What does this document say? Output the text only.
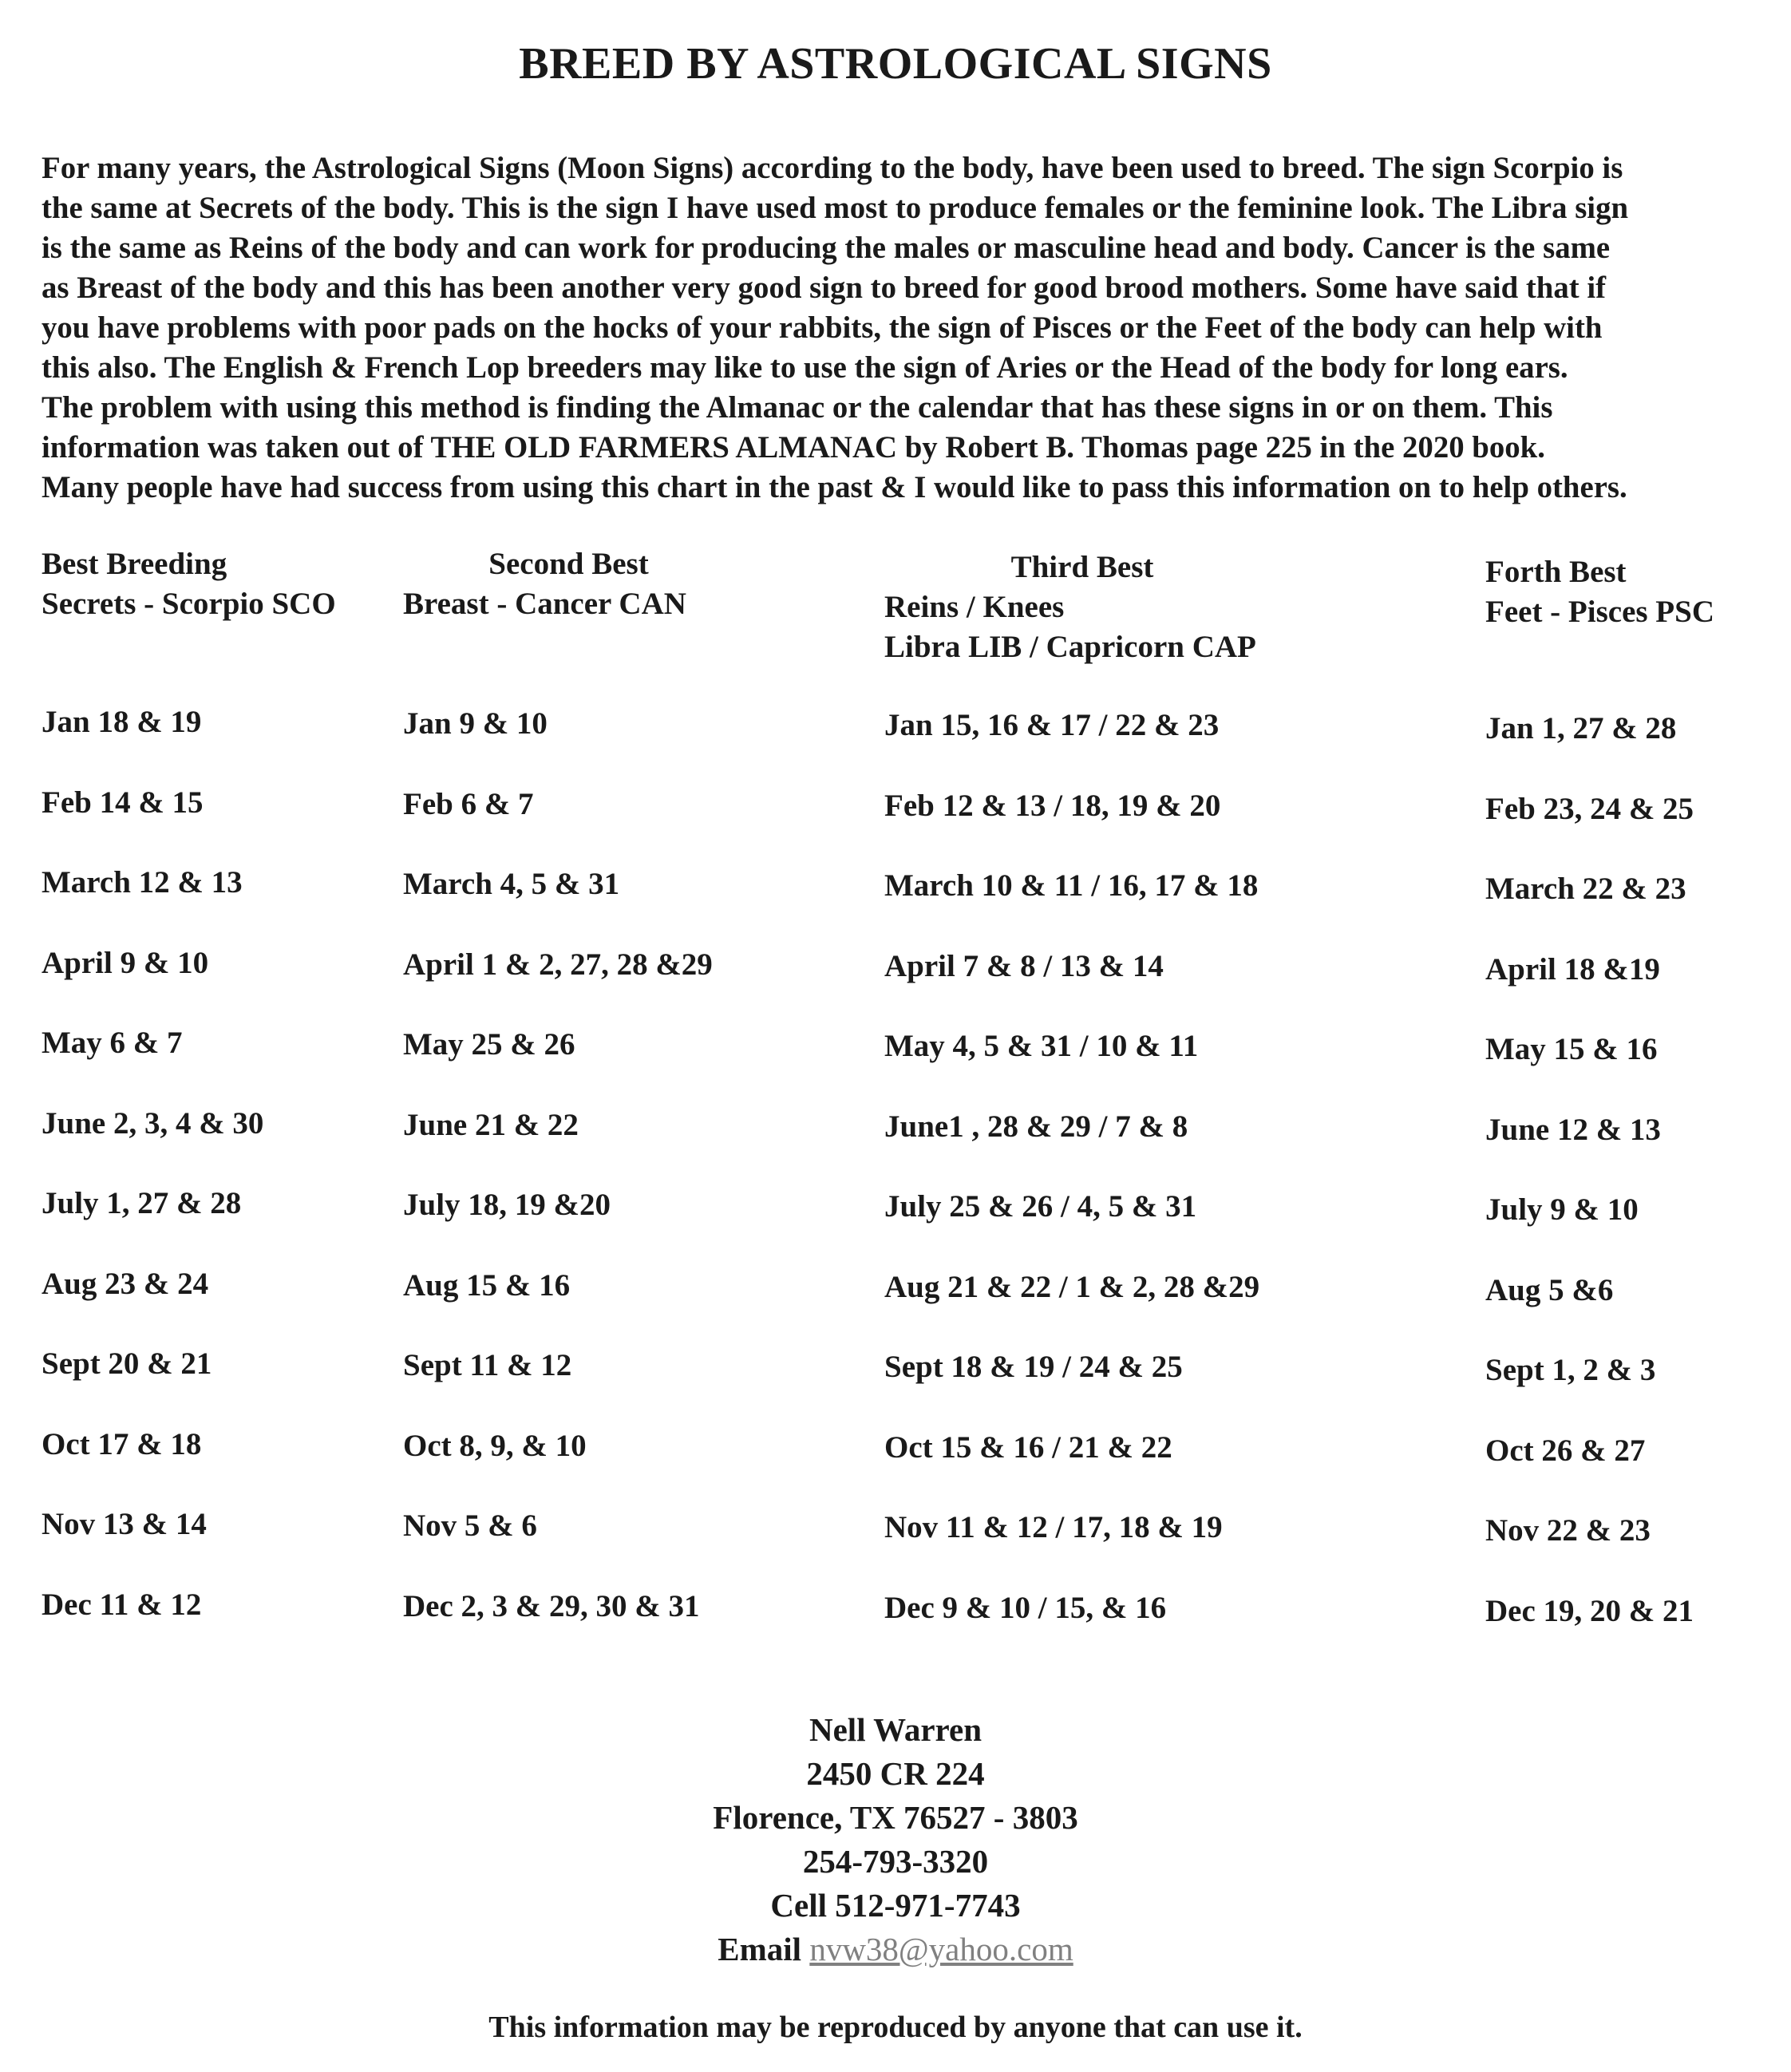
BREED BY ASTROLOGICAL SIGNS
For many years, the Astrological Signs (Moon Signs) according to the body, have been used to breed. The sign Scorpio is
the same at Secrets of the body. This is the sign I have used most to produce females or the feminine look. The Libra sign
is the same as Reins of the body and can work for producing the males or masculine head and body. Cancer is the same
as Breast of the body and this has been another very good sign to breed for good brood mothers. Some have said that if
you have problems with poor pads on the hocks of your rabbits, the sign of Pisces or the Feet of the body can help with
this also. The English & French Lop breeders may like to use the sign of Aries or the Head of the body for long ears.
The problem with using this method is finding the Almanac or the calendar that has these signs in or on them. This
information was taken out of THE OLD FARMERS ALMANAC by Robert B. Thomas page 225 in the 2020 book.
Many people have had success from using this chart in the past & I would like to pass this information on to help others.
Best Breeding
Secrets - Scorpio SCO
Jan 18 & 19
Feb 14 & 15
March 12 & 13
April 9 & 10
May 6 & 7
June 2, 3, 4 & 30
July 1, 27 & 28
Aug 23 & 24
Sept 20 & 21
Oct 17 & 18
Nov 13 & 14
Dec 11 & 12
Second Best
Breast - Cancer CAN
Jan 9 & 10
Feb 6 & 7
March 4, 5 & 31
April 1 & 2, 27, 28 &29
May 25 & 26
June 21 & 22
July 18, 19 &20
Aug 15 & 16
Sept 11 & 12
Oct 8, 9, & 10
Nov 5 & 6
Dec 2, 3 & 29, 30 & 31
Third Best
Reins / Knees
Libra LIB / Capricorn CAP
Jan 15, 16 & 17 / 22 & 23
Feb 12 & 13 / 18, 19 & 20
March 10 & 11 / 16, 17 & 18
April 7 & 8 / 13 & 14
May 4, 5 & 31 / 10 & 11
June1 , 28 & 29 / 7 & 8
July 25 & 26 / 4, 5 & 31
Aug 21 & 22 / 1 & 2, 28 &29
Sept 18 & 19 / 24 & 25
Oct 15 & 16 / 21 & 22
Nov 11 & 12 / 17, 18 & 19
Dec 9 & 10 / 15, & 16
Forth Best
Feet - Pisces PSC
Jan 1, 27 & 28
Feb 23, 24 & 25
March 22 & 23
April 18 &19
May 15 & 16
June 12 & 13
July 9 & 10
Aug 5 &6
Sept 1, 2 & 3
Oct 26 & 27
Nov 22 & 23
Dec 19, 20 & 21
Nell Warren
2450 CR 224
Florence, TX 76527 - 3803
254-793-3320
Cell 512-971-7743
Email nvw38@yahoo.com
This information may be reproduced by anyone that can use it.
